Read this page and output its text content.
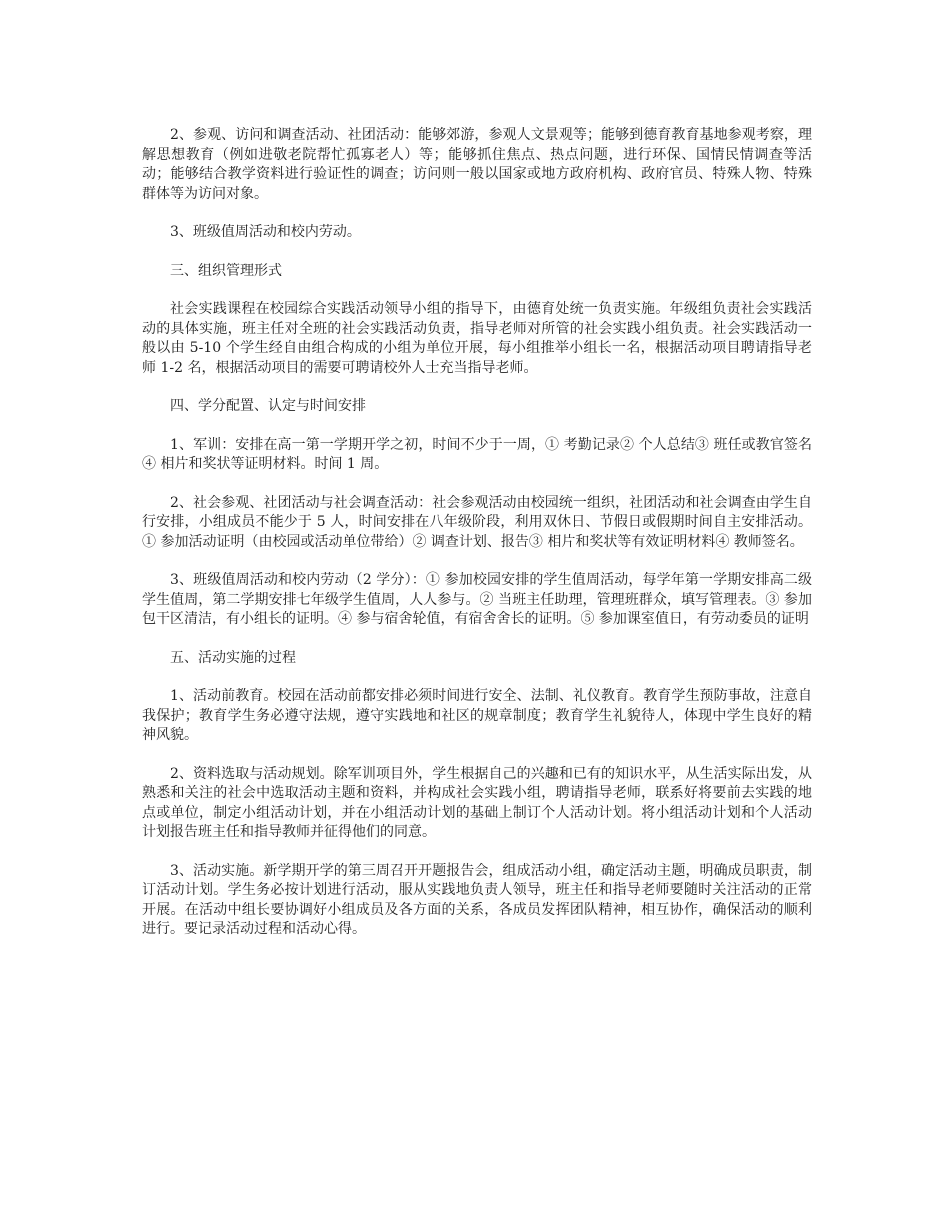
2、参观、访问和调查活动、社团活动：能够郊游，参观人文景观等；能够到德育教育基地参观考察，理解思想教育（例如进敬老院帮忙孤寡老人）等；能够抓住焦点、热点问题，进行环保、国情民情调查等活动；能够结合教学资料进行验证性的调查；访问则一般以国家或地方政府机构、政府官员、特殊人物、特殊群体等为访问对象。

3、班级值周活动和校内劳动。

三、组织管理形式

社会实践课程在校园综合实践活动领导小组的指导下，由德育处统一负责实施。年级组负责社会实践活动的具体实施，班主任对全班的社会实践活动负责，指导老师对所管的社会实践小组负责。社会实践活动一般以由 5-10 个学生经自由组合构成的小组为单位开展，每小组推举小组长一名，根据活动项目聘请指导老师 1-2 名，根据活动项目的需要可聘请校外人士充当指导老师。

四、学分配置、认定与时间安排

1、军训：安排在高一第一学期开学之初，时间不少于一周，① 考勤记录② 个人总结③ 班任或教官签名④ 相片和奖状等证明材料。时间 1 周。

2、社会参观、社团活动与社会调查活动：社会参观活动由校园统一组织，社团活动和社会调查由学生自行安排，小组成员不能少于 5 人，时间安排在八年级阶段，利用双休日、节假日或假期时间自主安排活动。① 参加活动证明（由校园或活动单位带给）② 调查计划、报告③ 相片和奖状等有效证明材料④ 教师签名。

3、班级值周活动和校内劳动（2 学分）：① 参加校园安排的学生值周活动，每学年第一学期安排高二级学生值周，第二学期安排七年级学生值周，人人参与。② 当班主任助理，管理班群众，填写管理表。③ 参加包干区清洁，有小组长的证明。④ 参与宿舍轮值，有宿舍舍长的证明。⑤ 参加课室值日，有劳动委员的证明

五、活动实施的过程

1、活动前教育。校园在活动前都安排必须时间进行安全、法制、礼仪教育。教育学生预防事故，注意自我保护；教育学生务必遵守法规，遵守实践地和社区的规章制度；教育学生礼貌待人，体现中学生良好的精神风貌。

2、资料选取与活动规划。除军训项目外，学生根据自己的兴趣和已有的知识水平，从生活实际出发，从熟悉和关注的社会中选取活动主题和资料，并构成社会实践小组，聘请指导老师，联系好将要前去实践的地点或单位，制定小组活动计划，并在小组活动计划的基础上制订个人活动计划。将小组活动计划和个人活动计划报告班主任和指导教师并征得他们的同意。

3、活动实施。新学期开学的第三周召开开题报告会，组成活动小组，确定活动主题，明确成员职责，制订活动计划。学生务必按计划进行活动，服从实践地负责人领导，班主任和指导老师要随时关注活动的正常开展。在活动中组长要协调好小组成员及各方面的关系，各成员发挥团队精神，相互协作，确保活动的顺利进行。要记录活动过程和活动心得。
